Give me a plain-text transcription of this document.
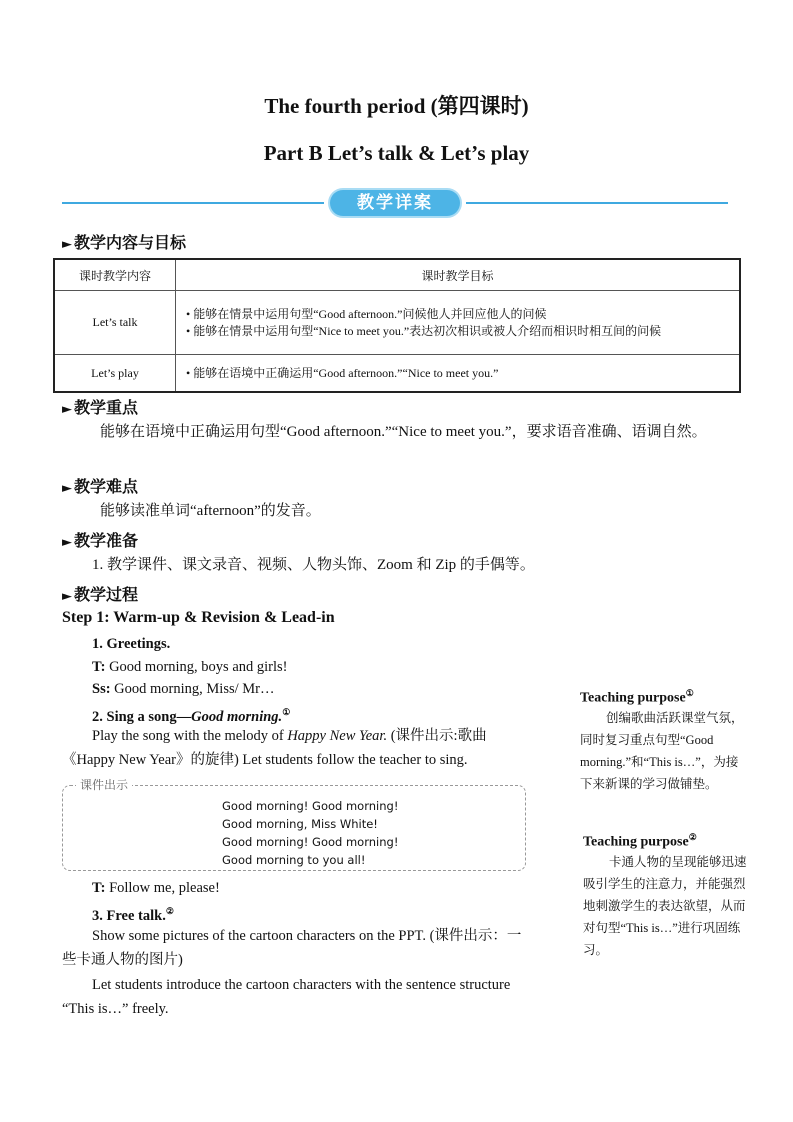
The fourth period (第四课时)
Part B Let’s talk & Let’s play
教学详案
► 教学内容与目标
课时教学内容	课时教学目标
Let’s talk	• 能够在情景中运用句型“Good afternoon.”问候他人并回应他人的问候
• 能够在情景中运用句型“Nice to meet you.”表达初次相识或被人介绍而相识时相互间的问候

Let’s play	• 能够在语境中正确运用“Good afternoon.”“Nice to meet you.”
► 教学重点
能够在语境中正确运用句型“Good afternoon.”“Nice to meet you.”，要求语音准确、语调自然。
► 教学难点
能够读准单词“afternoon”的发音。
► 教学准备
1. 教学课件、课文录音、视频、人物头饰、Zoom 和 Zip 的手偶等。
► 教学过程
Step 1: Warm-up & Revision & Lead-in
1. Greetings.
T: Good morning, boys and girls!
Ss: Good morning, Miss/ Mr…
2. Sing a song—Good morning.①
Play the song with the melody of Happy New Year. (课件出示:歌曲《Happy New Year》的旋律) Let students follow the teacher to sing.
课件出示
Good morning! Good morning!
Good morning, Miss White!
Good morning! Good morning!
Good morning to you all!
T: Follow me, please!
3. Free talk.②
Show some pictures of the cartoon characters on the PPT. (课件出示：一些卡通人物的图片)
Let students introduce the cartoon characters with the sentence structure “This is…” freely.
Teaching purpose①
创编歌曲活跃课堂气氛，同时复习重点句型“Good morning.”和“This is…”，为接下来新课的学习做铺垫。
Teaching purpose②
卡通人物的呈现能够迅速吸引学生的注意力，并能强烈地刺激学生的表达欲望，从而对句型“This is…”进行巩固练习。
